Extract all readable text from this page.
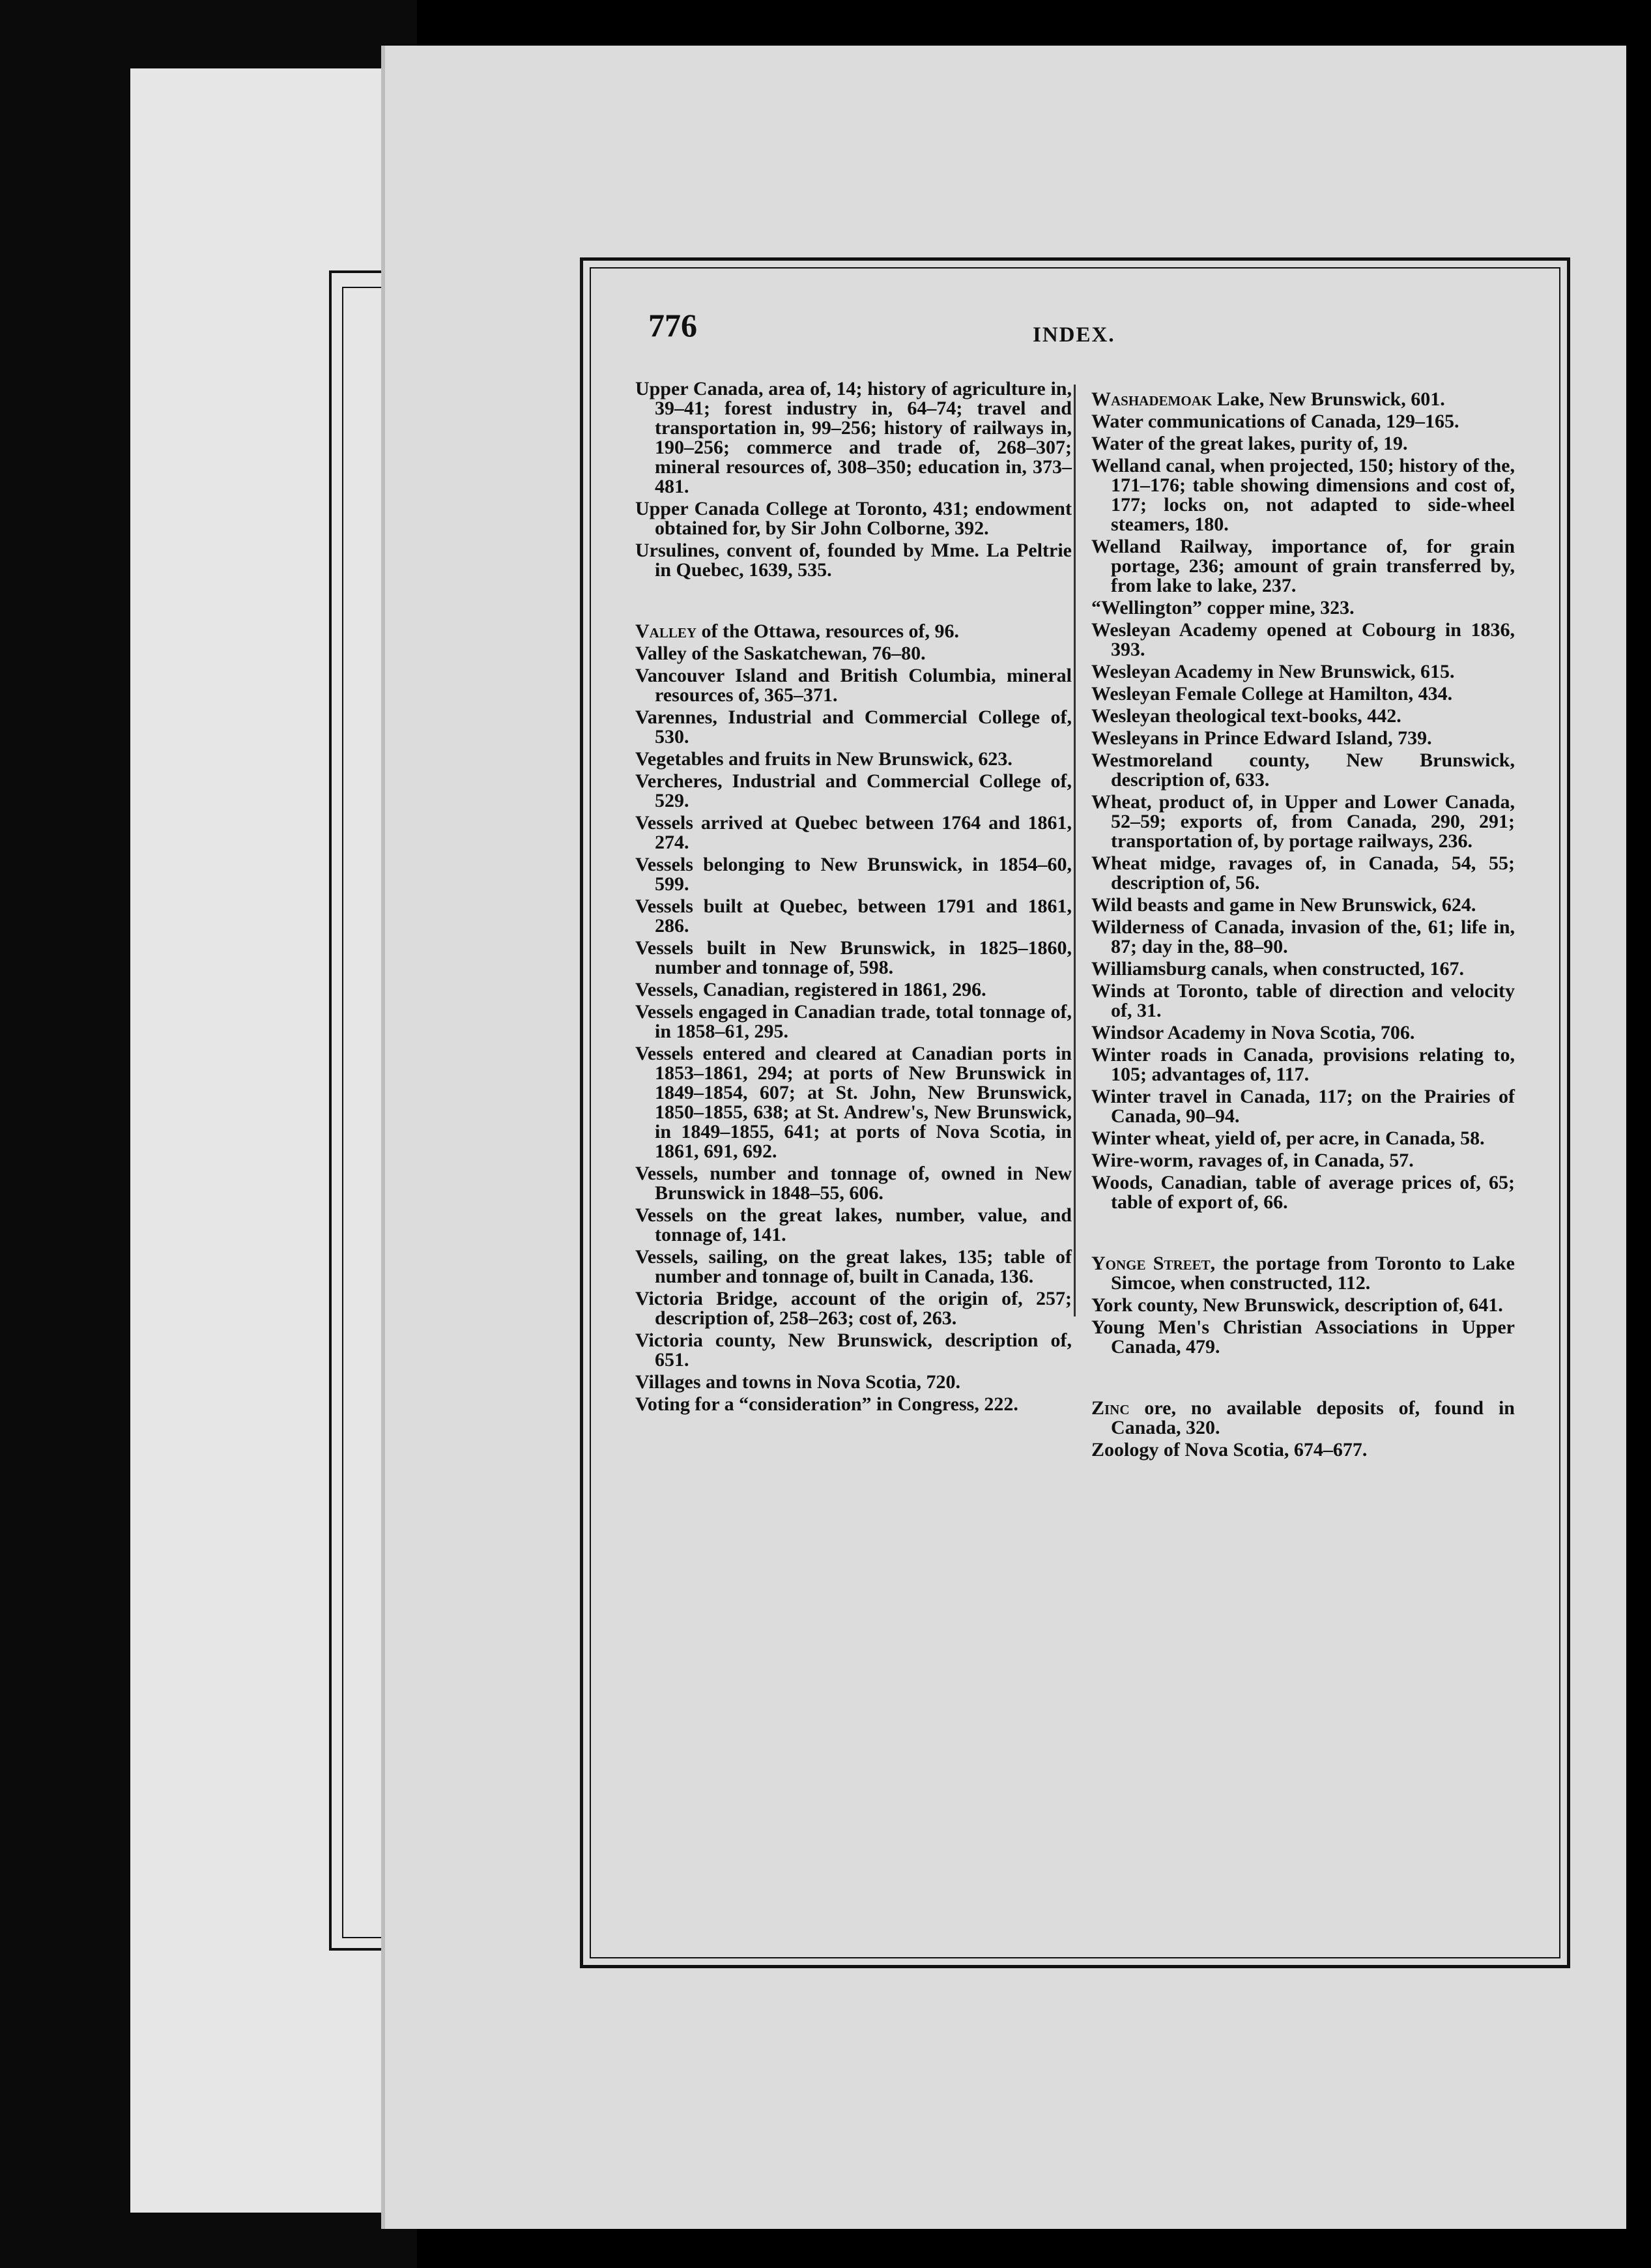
776	INDEX.

Upper Canada, area of, 14; history of agriculture in, 39–41; forest industry in, 64–74; travel and transportation in, 99–256; history of railways in, 190–256; commerce and trade of, 268–307; mineral resources of, 308–350; education in, 373–481.

Upper Canada College at Toronto, 431; endowment obtained for, by Sir John Colborne, 392.

Ursulines, convent of, founded by Mme. La Peltrie in Quebec, 1639, 535.

Valley of the Ottawa, resources of, 96.

Valley of the Saskatchewan, 76–80.

Vancouver Island and British Columbia, mineral resources of, 365–371.

Varennes, Industrial and Commercial College of, 530.

Vegetables and fruits in New Brunswick, 623.

Vercheres, Industrial and Commercial College of, 529.

Vessels arrived at Quebec between 1764 and 1861, 274.

Vessels belonging to New Brunswick, in 1854–60, 599.

Vessels built at Quebec, between 1791 and 1861, 286.

Vessels built in New Brunswick, in 1825–1860, number and tonnage of, 598.

Vessels, Canadian, registered in 1861, 296.

Vessels engaged in Canadian trade, total tonnage of, in 1858–61, 295.

Vessels entered and cleared at Canadian ports in 1853–1861, 294; at ports of New Brunswick in 1849–1854, 607; at St. John, New Brunswick, 1850–1855, 638; at St. Andrew's, New Brunswick, in 1849–1855, 641; at ports of Nova Scotia, in 1861, 691, 692.

Vessels, number and tonnage of, owned in New Brunswick in 1848–55, 606.

Vessels on the great lakes, number, value, and tonnage of, 141.

Vessels, sailing, on the great lakes, 135; table of number and tonnage of, built in Canada, 136.

Victoria Bridge, account of the origin of, 257; description of, 258–263; cost of, 263.

Victoria county, New Brunswick, description of, 651.

Villages and towns in Nova Scotia, 720.

Voting for a “consideration” in Congress, 222.

Washademoak Lake, New Brunswick, 601.

Water communications of Canada, 129–165.

Water of the great lakes, purity of, 19.

Welland canal, when projected, 150; history of the, 171–176; table showing dimensions and cost of, 177; locks on, not adapted to side-wheel steamers, 180.

Welland Railway, importance of, for grain portage, 236; amount of grain transferred by, from lake to lake, 237.

“Wellington” copper mine, 323.

Wesleyan Academy opened at Cobourg in 1836, 393.

Wesleyan Academy in New Brunswick, 615.

Wesleyan Female College at Hamilton, 434.

Wesleyan theological text-books, 442.

Wesleyans in Prince Edward Island, 739.

Westmoreland county, New Brunswick, description of, 633.

Wheat, product of, in Upper and Lower Canada, 52–59; exports of, from Canada, 290, 291; transportation of, by portage railways, 236.

Wheat midge, ravages of, in Canada, 54, 55; description of, 56.

Wild beasts and game in New Brunswick, 624.

Wilderness of Canada, invasion of the, 61; life in, 87; day in the, 88–90.

Williamsburg canals, when constructed, 167.

Winds at Toronto, table of direction and velocity of, 31.

Windsor Academy in Nova Scotia, 706.

Winter roads in Canada, provisions relating to, 105; advantages of, 117.

Winter travel in Canada, 117; on the Prairies of Canada, 90–94.

Winter wheat, yield of, per acre, in Canada, 58.

Wire-worm, ravages of, in Canada, 57.

Woods, Canadian, table of average prices of, 65; table of export of, 66.

Yonge Street, the portage from Toronto to Lake Simcoe, when constructed, 112.

York county, New Brunswick, description of, 641.

Young Men's Christian Associations in Upper Canada, 479.

Zinc ore, no available deposits of, found in Canada, 320.

Zoology of Nova Scotia, 674–677.
